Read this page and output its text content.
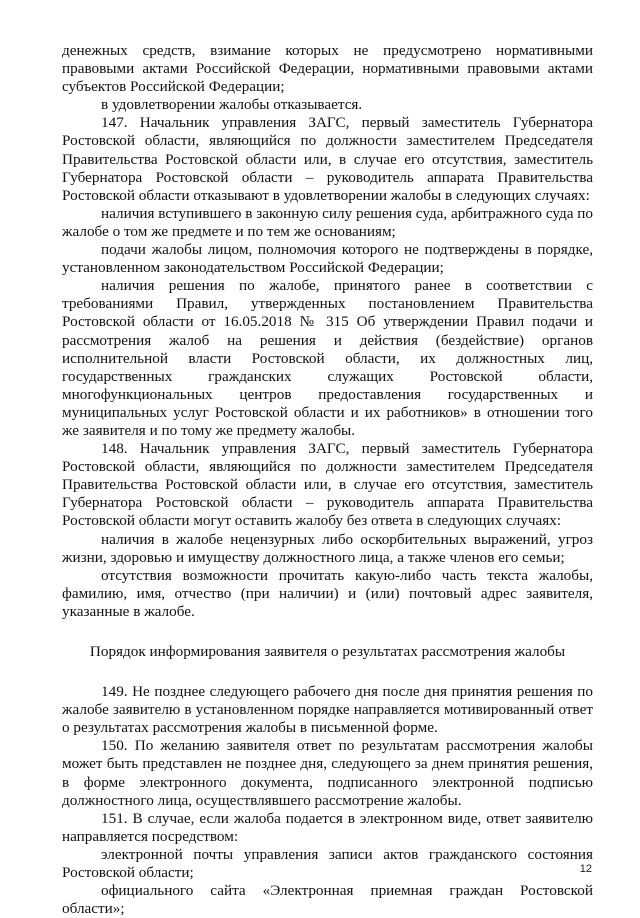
денежных средств, взимание которых не предусмотрено нормативными правовыми актами Российской Федерации, нормативными правовыми актами субъектов Российской Федерации;

в удовлетворении жалобы отказывается.

147. Начальник управления ЗАГС, первый заместитель Губернатора Ростовской области, являющийся по должности заместителем Председателя Правительства Ростовской области или, в случае его отсутствия, заместитель Губернатора Ростовской области – руководитель аппарата Правительства Ростовской области отказывают в удовлетворении жалобы в следующих случаях:

наличия вступившего в законную силу решения суда, арбитражного суда по жалобе о том же предмете и по тем же основаниям;

подачи жалобы лицом, полномочия которого не подтверждены в порядке, установленном законодательством Российской Федерации;

наличия решения по жалобе, принятого ранее в соответствии с требованиями Правил, утвержденных постановлением Правительства Ростовской области от 16.05.2018 № 315 Об утверждении Правил подачи и рассмотрения жалоб на решения и действия (бездействие) органов исполнительной власти Ростовской области, их должностных лиц, государственных гражданских служащих Ростовской области, многофункциональных центров предоставления государственных и муниципальных услуг Ростовской области и их работников» в отношении того же заявителя и по тому же предмету жалобы.

148. Начальник управления ЗАГС, первый заместитель Губернатора Ростовской области, являющийся по должности заместителем Председателя Правительства Ростовской области или, в случае его отсутствия, заместитель Губернатора Ростовской области – руководитель аппарата Правительства Ростовской области могут оставить жалобу без ответа в следующих случаях:

наличия в жалобе нецензурных либо оскорбительных выражений, угроз жизни, здоровью и имуществу должностного лица, а также членов его семьи;

отсутствия возможности прочитать какую-либо часть текста жалобы, фамилию, имя, отчество (при наличии) и (или) почтовый адрес заявителя, указанные в жалобе.

Порядок информирования заявителя о результатах рассмотрения жалобы

149. Не позднее следующего рабочего дня после дня принятия решения по жалобе заявителю в установленном порядке направляется мотивированный ответ о результатах рассмотрения жалобы в письменной форме.

150. По желанию заявителя ответ по результатам рассмотрения жалобы может быть представлен не позднее дня, следующего за днем принятия решения, в форме электронного документа, подписанного электронной подписью должностного лица, осуществлявшего рассмотрение жалобы.

151. В случае, если жалоба подается в электронном виде, ответ заявителю направляется посредством:

электронной почты управления записи актов гражданского состояния Ростовской области;

официального сайта «Электронная приемная граждан Ростовской области»;

12
